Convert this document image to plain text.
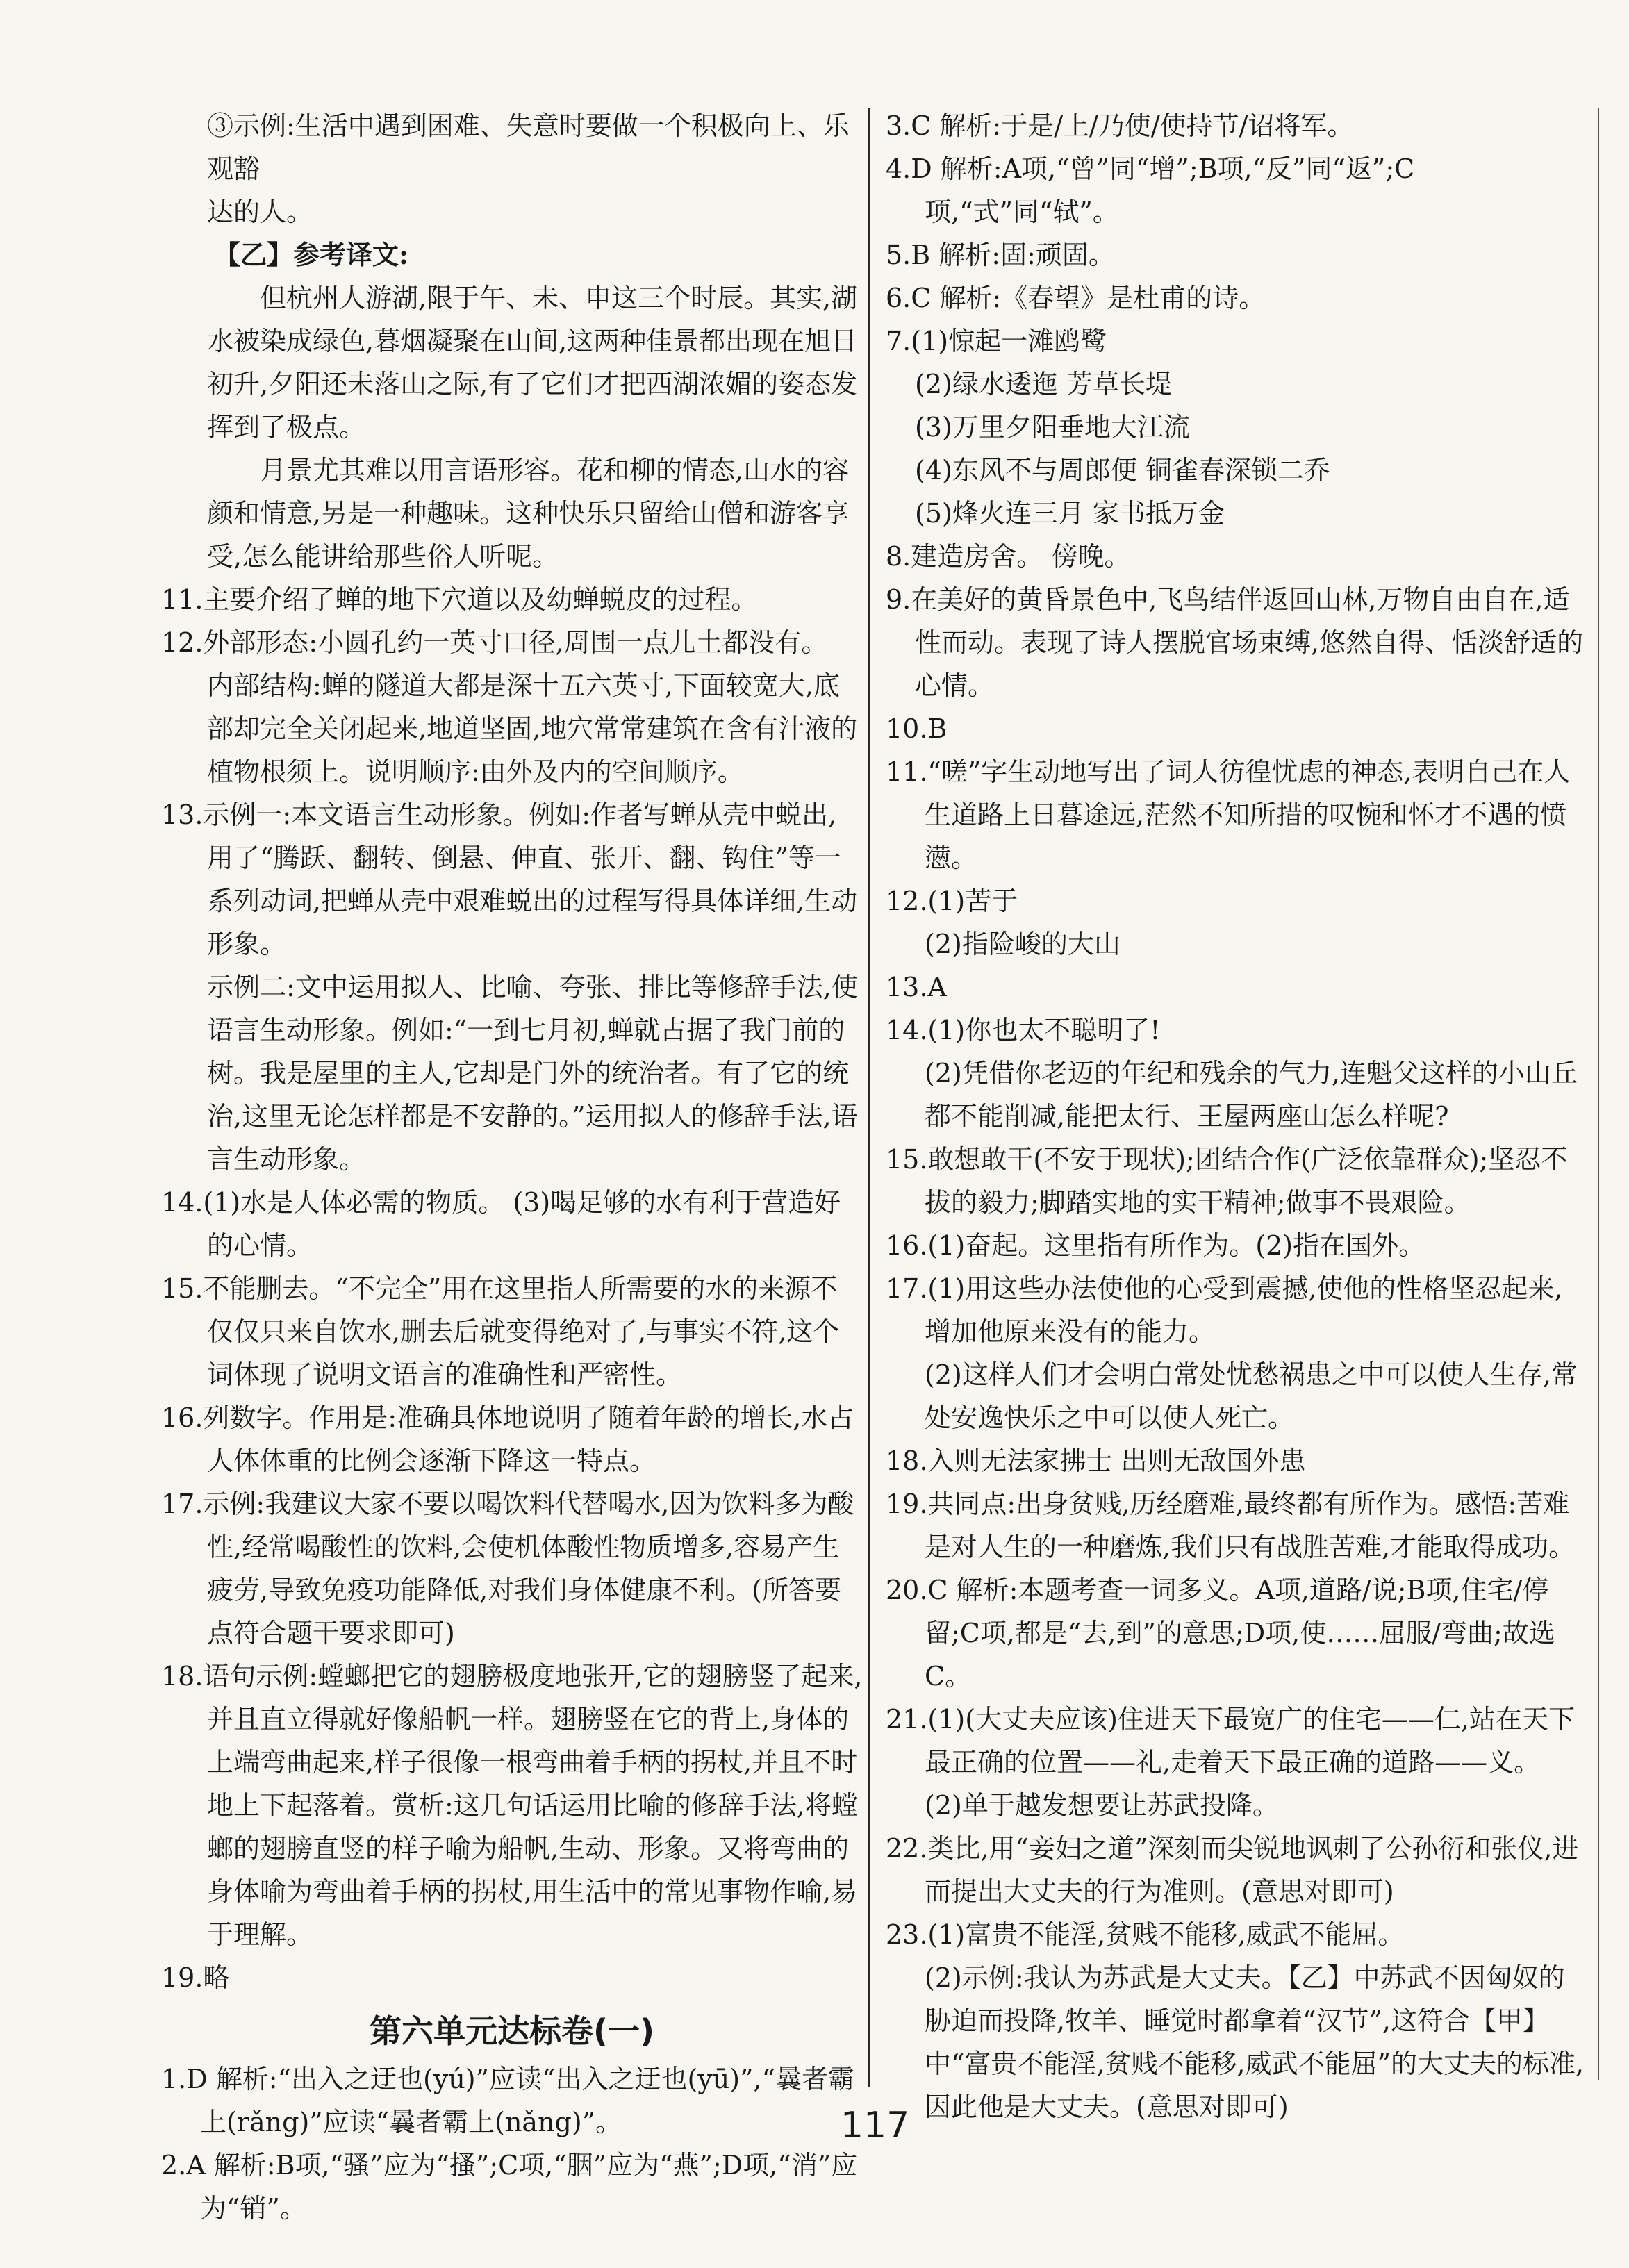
③示例:生活中遇到困难、失意时要做一个积极向上、乐观豁

达的人。

【乙】参考译文:

但杭州人游湖,限于午、未、申这三个时辰。其实,湖水被染成绿色,暮烟凝聚在山间,这两种佳景都出现在旭日初升,夕阳还未落山之际,有了它们才把西湖浓媚的姿态发挥到了极点。

月景尤其难以用言语形容。花和柳的情态,山水的容颜和情意,另是一种趣味。这种快乐只留给山僧和游客享受,怎么能讲给那些俗人听呢。

11.主要介绍了蝉的地下穴道以及幼蝉蜕皮的过程。

12.外部形态:小圆孔约一英寸口径,周围一点儿土都没有。

内部结构:蝉的隧道大都是深十五六英寸,下面较宽大,底部却完全关闭起来,地道坚固,地穴常常建筑在含有汁液的植物根须上。说明顺序:由外及内的空间顺序。

13.示例一:本文语言生动形象。例如:作者写蝉从壳中蜕出,用了“腾跃、翻转、倒悬、伸直、张开、翻、钩住”等一系列动词,把蝉从壳中艰难蜕出的过程写得具体详细,生动形象。

示例二:文中运用拟人、比喻、夸张、排比等修辞手法,使语言生动形象。例如:“一到七月初,蝉就占据了我门前的树。我是屋里的主人,它却是门外的统治者。有了它的统治,这里无论怎样都是不安静的。”运用拟人的修辞手法,语言生动形象。

14.(1)水是人体必需的物质。 (3)喝足够的水有利于营造好的心情。

15.不能删去。“不完全”用在这里指人所需要的水的来源不仅仅只来自饮水,删去后就变得绝对了,与事实不符,这个词体现了说明文语言的准确性和严密性。

16.列数字。作用是:准确具体地说明了随着年龄的增长,水占人体体重的比例会逐渐下降这一特点。

17.示例:我建议大家不要以喝饮料代替喝水,因为饮料多为酸性,经常喝酸性的饮料,会使机体酸性物质增多,容易产生疲劳,导致免疫功能降低,对我们身体健康不利。(所答要点符合题干要求即可)

18.语句示例:螳螂把它的翅膀极度地张开,它的翅膀竖了起来,并且直立得就好像船帆一样。翅膀竖在它的背上,身体的上端弯曲起来,样子很像一根弯曲着手柄的拐杖,并且不时地上下起落着。赏析:这几句话运用比喻的修辞手法,将螳螂的翅膀直竖的样子喻为船帆,生动、形象。又将弯曲的身体喻为弯曲着手柄的拐杖,用生活中的常见事物作喻,易于理解。

19.略

第六单元达标卷(一)

1.D 解析:“出入之迂也(yú)”应读“出入之迂也(yū)”,“曩者霸上(rǎng)”应读“曩者霸上(nǎng)”。

2.A 解析:B项,“骚”应为“搔”;C项,“胭”应为“燕”;D项,“消”应为“销”。

3.C 解析:于是/上/乃使/使持节/诏将军。

4.D 解析:A项,“曾”同“增”;B项,“反”同“返”;C项,“式”同“轼”。

5.B 解析:固:顽固。

6.C 解析:《春望》是杜甫的诗。

7.(1)惊起一滩鸥鹭

(2)绿水逶迤 芳草长堤

(3)万里夕阳垂地大江流

(4)东风不与周郎便 铜雀春深锁二乔

(5)烽火连三月 家书抵万金

8.建造房舍。 傍晚。

9.在美好的黄昏景色中,飞鸟结伴返回山林,万物自由自在,适性而动。表现了诗人摆脱官场束缚,悠然自得、恬淡舒适的心情。

10.B

11.“嗟”字生动地写出了词人彷徨忧虑的神态,表明自己在人生道路上日暮途远,茫然不知所措的叹惋和怀才不遇的愤懑。

12.(1)苦于

(2)指险峻的大山

13.A

14.(1)你也太不聪明了!

(2)凭借你老迈的年纪和残余的气力,连魁父这样的小山丘都不能削减,能把太行、王屋两座山怎么样呢?

15.敢想敢干(不安于现状);团结合作(广泛依靠群众);坚忍不拔的毅力;脚踏实地的实干精神;做事不畏艰险。

16.(1)奋起。这里指有所作为。(2)指在国外。

17.(1)用这些办法使他的心受到震撼,使他的性格坚忍起来,增加他原来没有的能力。

(2)这样人们才会明白常处忧愁祸患之中可以使人生存,常处安逸快乐之中可以使人死亡。

18.入则无法家拂士 出则无敌国外患

19.共同点:出身贫贱,历经磨难,最终都有所作为。感悟:苦难是对人生的一种磨炼,我们只有战胜苦难,才能取得成功。

20.C 解析:本题考查一词多义。A项,道路/说;B项,住宅/停留;C项,都是“去,到”的意思;D项,使……屈服/弯曲;故选C。

21.(1)(大丈夫应该)住进天下最宽广的住宅——仁,站在天下最正确的位置——礼,走着天下最正确的道路——义。

(2)单于越发想要让苏武投降。

22.类比,用“妾妇之道”深刻而尖锐地讽刺了公孙衍和张仪,进而提出大丈夫的行为准则。(意思对即可)

23.(1)富贵不能淫,贫贱不能移,威武不能屈。

(2)示例:我认为苏武是大丈夫。【乙】中苏武不因匈奴的胁迫而投降,牧羊、睡觉时都拿着“汉节”,这符合【甲】中“富贵不能淫,贫贱不能移,威武不能屈”的大丈夫的标准,因此他是大丈夫。(意思对即可)

117
